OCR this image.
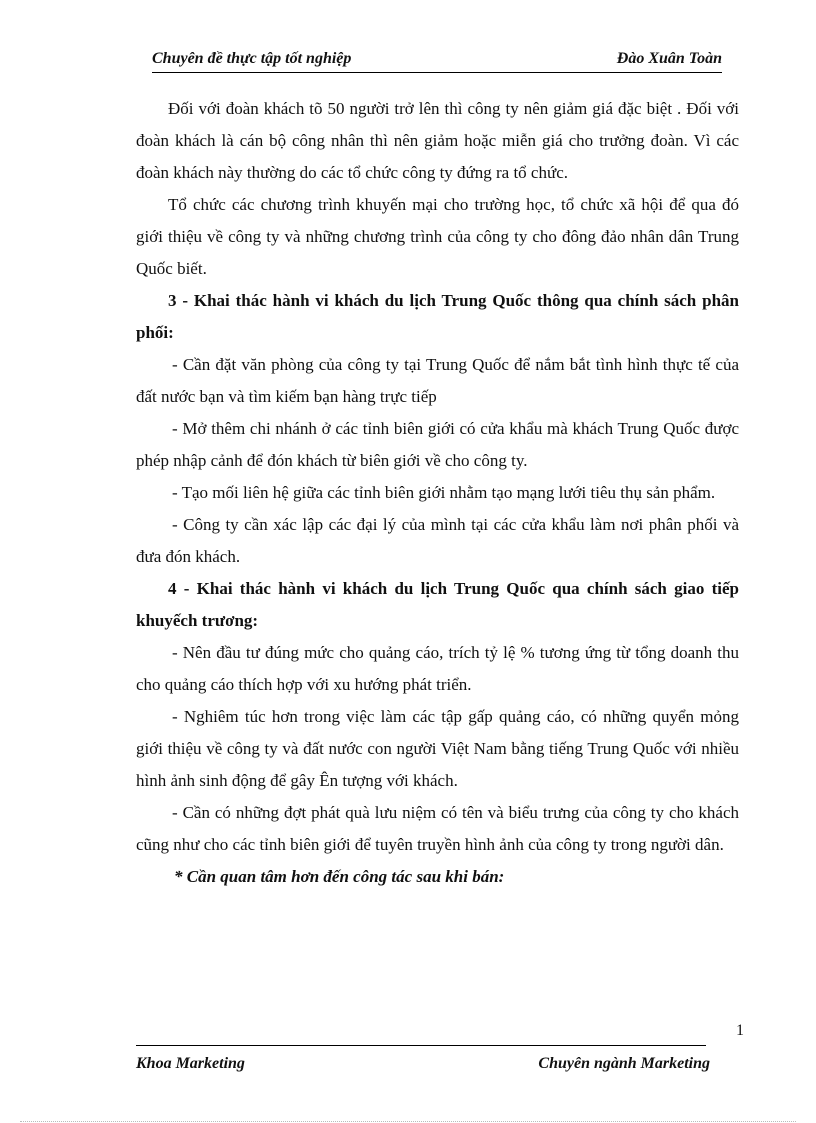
Chuyên đề thực tập tốt nghiệp	Đào Xuân Toàn

Đối với đoàn khách tõ 50 người trở lên thì công ty nên giảm giá đặc biệt . Đối với đoàn khách là cán bộ công nhân thì nên giảm hoặc miễn giá cho trưởng đoàn. Vì các đoàn khách này thường do các tổ chức công ty đứng ra tổ chức.

Tổ chức các chương trình khuyến mại cho trường học, tổ chức xã hội để qua đó giới thiệu về công ty và những chương trình của công ty cho đông đảo nhân dân Trung Quốc biết.

3 - Khai thác hành vi khách du lịch Trung Quốc thông qua chính sách phân phối:

- Cần đặt văn phòng của công ty tại Trung Quốc để nắm bắt tình hình thực tế của đất nước bạn và tìm kiếm bạn hàng trực tiếp

- Mở thêm chi nhánh ở các tỉnh biên giới có cửa khẩu mà khách Trung Quốc được phép nhập cảnh để đón khách từ biên giới về cho công ty.

- Tạo mối liên hệ giữa các tỉnh biên giới nhằm tạo mạng lưới tiêu thụ sản phẩm.

- Công ty cần xác lập các đại lý của mình tại các cửa khẩu làm nơi phân phối và đưa đón khách.

4 - Khai thác hành vi khách du lịch Trung Quốc qua chính sách giao tiếp khuyếch trương:

- Nên đầu tư đúng mức cho quảng cáo, trích tỷ lệ % tương ứng từ tổng doanh thu cho quảng cáo thích hợp với xu hướng phát triển.

- Nghiêm túc hơn trong việc làm các tập gấp quảng cáo, có những quyển mỏng giới thiệu về công ty và đất nước con người Việt Nam bằng tiếng Trung Quốc với nhiều hình ảnh sinh động để gây Ên tượng với khách.

- Cần có những đợt phát quà lưu niệm có tên và biểu trưng của công ty cho khách cũng như cho các tỉnh biên giới để tuyên truyền hình ảnh của công ty trong người dân.

* Cần quan tâm hơn đến công tác sau khi bán:

1
Khoa Marketing	Chuyên ngành Marketing
